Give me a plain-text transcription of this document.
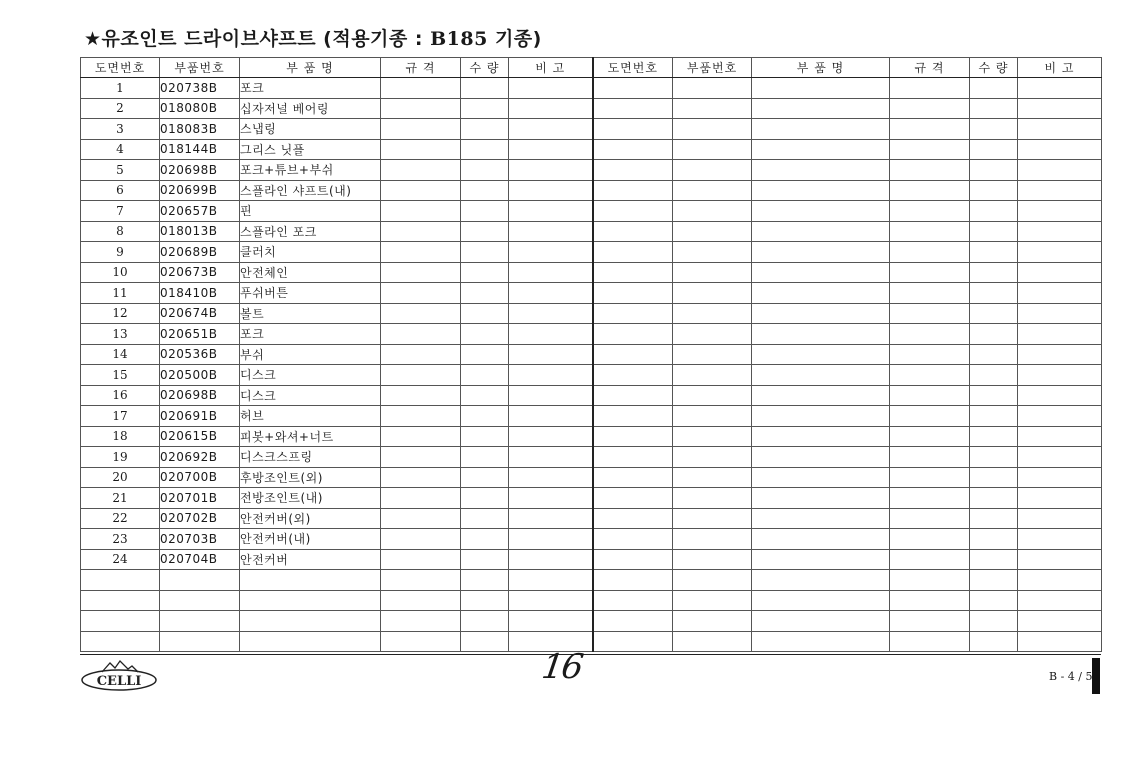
★유조인트 드라이브샤프트 (적용기종 : B185 기종)
도면번호	부품번호	부 품 명	규 격	수 량	비 고	도면번호	부품번호	부 품 명	규 격	수 량	비 고
1	020738B	포크									
2	018080B	십자저널 베어링									
3	018083B	스냅링									
4	018144B	그리스 닛플									
5	020698B	포크+튜브+부쉬									
6	020699B	스플라인 샤프트(내)									
7	020657B	핀									
8	018013B	스플라인 포크									
9	020689B	클러치									
10	020673B	안전체인									
11	018410B	푸쉬버튼									
12	020674B	볼트									
13	020651B	포크									
14	020536B	부쉬									
15	020500B	디스크									
16	020698B	디스크									
17	020691B	허브									
18	020615B	피봇+와셔+너트									
19	020692B	디스크스프링									
20	020700B	후방조인트(외)									
21	020701B	전방조인트(내)									
22	020702B	안전커버(외)									
23	020703B	안전커버(내)									
24	020704B	안전커버									

CELLI	16	B - 4 / 5
